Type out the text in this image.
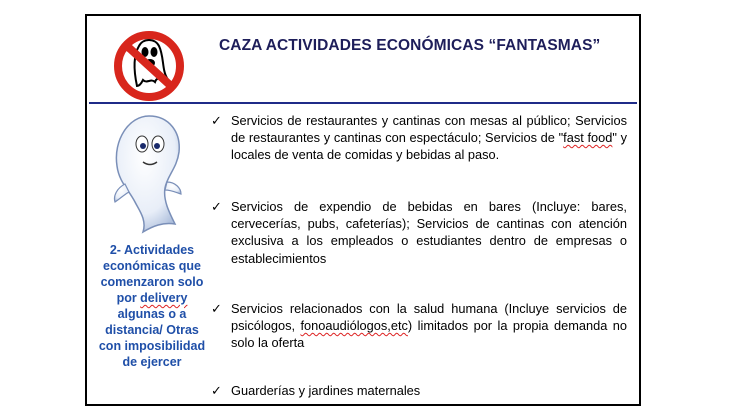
CAZA ACTIVIDADES ECONÓMICAS “FANTASMAS”
2- Actividades económicas que comenzaron solo por delivery algunas o a distancia/ Otras con imposibilidad de ejercer
✓ Servicios de restaurantes y cantinas con mesas al público; Servicios de restaurantes y cantinas con espectáculo; Servicios de "fast food" y locales de venta de comidas y bebidas al paso.
✓ Servicios de expendio de bebidas en bares (Incluye: bares, cervecerías, pubs, cafeterías); Servicios de cantinas con atención exclusiva a los empleados o estudiantes dentro de empresas o establecimientos
✓ Servicios relacionados con la salud humana (Incluye servicios de psicólogos, fonoaudiólogos,etc) limitados por la propia demanda no solo la oferta
✓ Guarderías y jardines maternales
